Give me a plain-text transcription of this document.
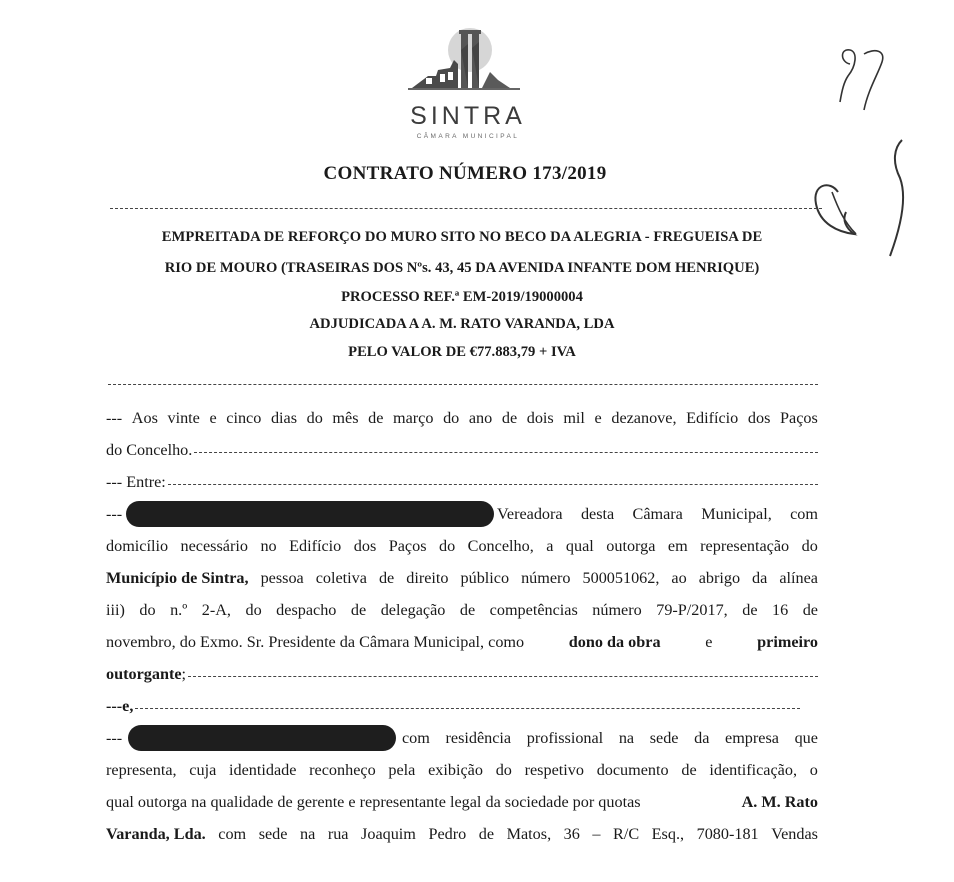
SINTRA
CÂMARA MUNICIPAL
97
21
CONTRATO NÚMERO 173/2019
EMPREITADA DE REFORÇO DO MURO SITO NO BECO DA ALEGRIA - FREGUEISA DE
RIO DE MOURO (TRASEIRAS DOS Nºs. 43, 45 DA AVENIDA INFANTE DOM HENRIQUE)
PROCESSO REF.ª EM-2019/19000004
ADJUDICADA A A. M. RATO VARANDA, LDA
PELO VALOR DE €77.883,79 + IVA
--- Aos vinte e cinco dias do mês de março do ano de dois mil e dezanove, Edifício dos Paços
do Concelho.
--- Entre:
---	Vereadora desta Câmara Municipal, com
domicílio necessário no Edifício dos Paços do Concelho, a qual outorga em representação do
Município de Sintra, pessoa coletiva de direito público número 500051062, ao abrigo da alínea
iii) do n.º 2-A, do despacho de delegação de competências número 79-P/2017, de 16 de
novembro, do Exmo. Sr. Presidente da Câmara Municipal, como	dono da obra	e	primeiro
outorgante ;
---e,
---	com residência profissional na sede da empresa que
representa, cuja identidade reconheço pela exibição do respetivo documento de identificação, o
qual outorga na qualidade de gerente e representante legal da sociedade por quotas	A. M. Rato
Varanda, Lda. com sede na rua Joaquim Pedro de Matos, 36 – R/C Esq., 7080-181 Vendas
